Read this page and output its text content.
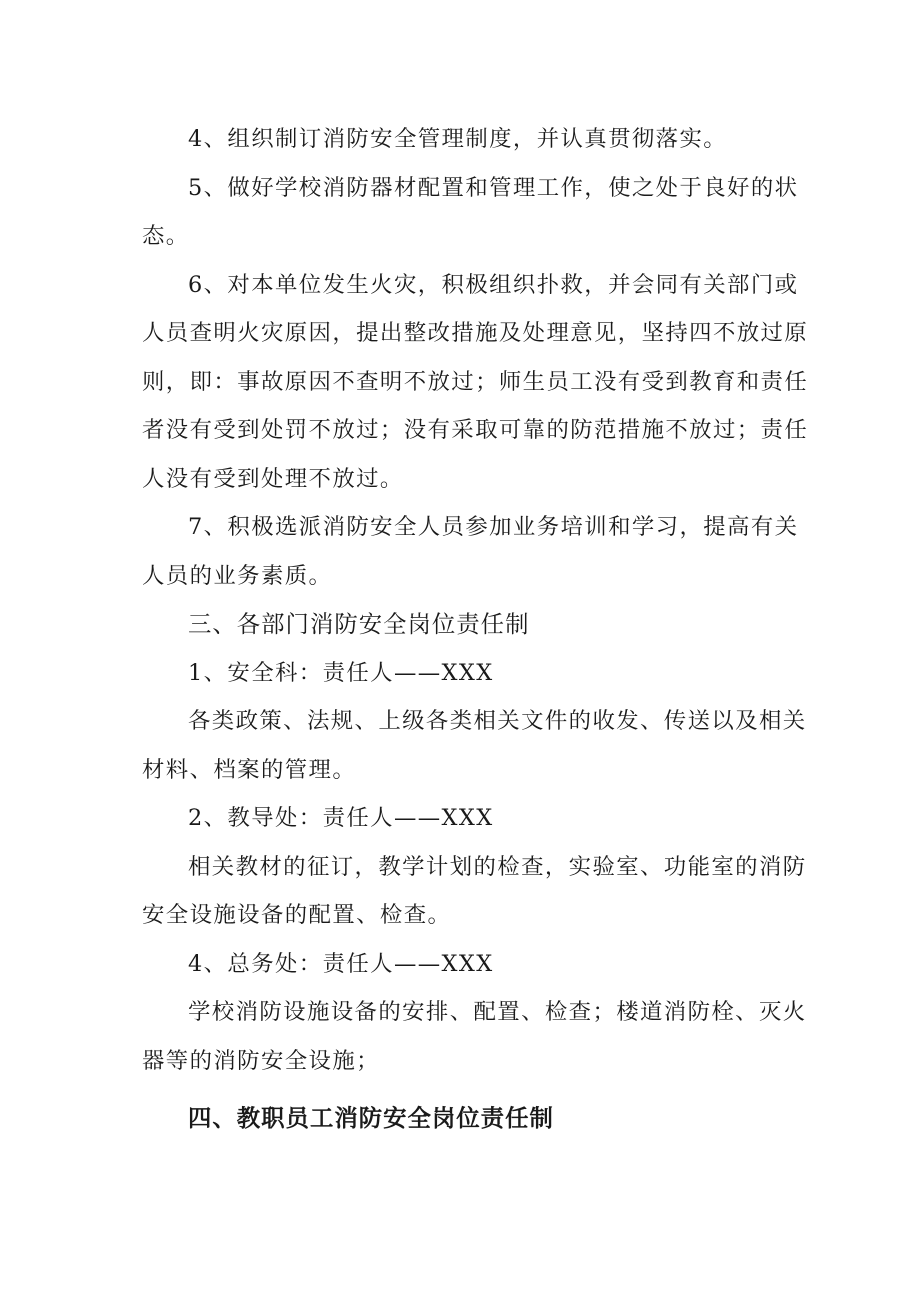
4、组织制订消防安全管理制度，并认真贯彻落实。
5、做好学校消防器材配置和管理工作，使之处于良好的状
态。
6、对本单位发生火灾，积极组织扑救，并会同有关部门或
人员查明火灾原因，提出整改措施及处理意见，坚持四不放过原
则，即：事故原因不查明不放过；师生员工没有受到教育和责任
者没有受到处罚不放过；没有采取可靠的防范措施不放过；责任
人没有受到处理不放过。
7、积极选派消防安全人员参加业务培训和学习，提高有关
人员的业务素质。
三、各部门消防安全岗位责任制
1、安全科：责任人——XXX
各类政策、法规、上级各类相关文件的收发、传送以及相关
材料、档案的管理。
2、教导处：责任人——XXX
相关教材的征订，教学计划的检查，实验室、功能室的消防
安全设施设备的配置、检查。
4、总务处：责任人——XXX
学校消防设施设备的安排、配置、检查；楼道消防栓、灭火
器等的消防安全设施；
四、教职员工消防安全岗位责任制
